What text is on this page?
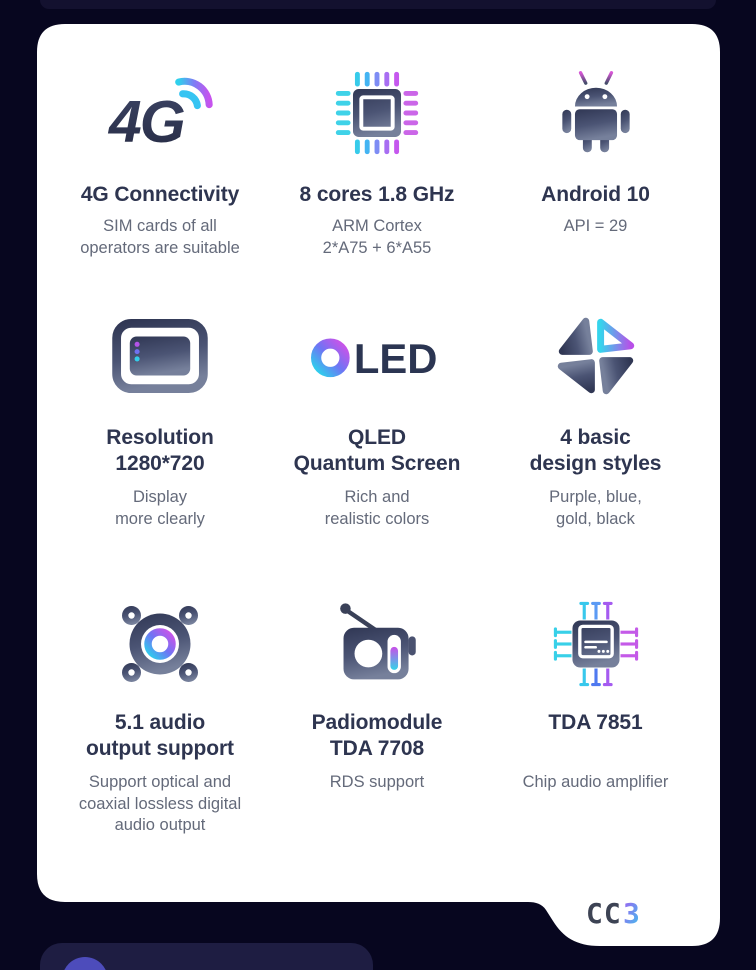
4G
4G Connectivity
SIM cards of all
operators are suitable
8 cores 1.8 GHz
ARM Cortex
2*A75 + 6*A55
Android 10
API = 29
Resolution
1280*720
Display
more clearly
LED
QLED
Quantum Screen
Rich and
realistic colors
4 basic
design styles
Purple, blue,
gold, black
5.1 audio
output support
Support optical and
coaxial lossless digital
audio output
Padiomodule
TDA 7708
RDS support
TDA 7851
Chip audio amplifier
CC 3
